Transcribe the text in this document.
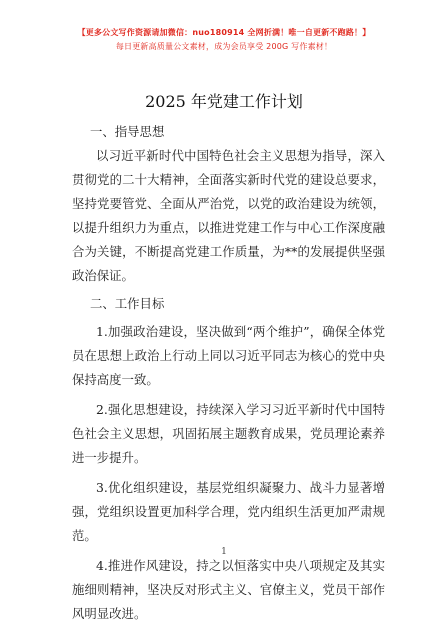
【更多公文写作资源请加微信：nuo180914 全网折满！唯一自更新不跑路！】
每日更新高质量公文素材，成为会员享受 200G 写作素材！
2025 年党建工作计划

一、指导思想

以习近平新时代中国特色社会主义思想为指导，深入贯彻党的二十大精神，全面落实新时代党的建设总要求，坚持党要管党、全面从严治党，以党的政治建设为统领，以提升组织力为重点，以推进党建工作与中心工作深度融合为关键，不断提高党建工作质量，为**的发展提供坚强政治保证。

二、工作目标

1.加强政治建设，坚决做到“两个维护”，确保全体党员在思想上政治上行动上同以习近平同志为核心的党中央保持高度一致。

2.强化思想建设，持续深入学习习近平新时代中国特色社会主义思想，巩固拓展主题教育成果，党员理论素养进一步提升。

3.优化组织建设，基层党组织凝聚力、战斗力显著增强，党组织设置更加科学合理，党内组织生活更加严肃规范。

4.推进作风建设，持之以恒落实中央八项规定及其实施细则精神，坚决反对形式主义、官僚主义，党员干部作风明显改进。

1
